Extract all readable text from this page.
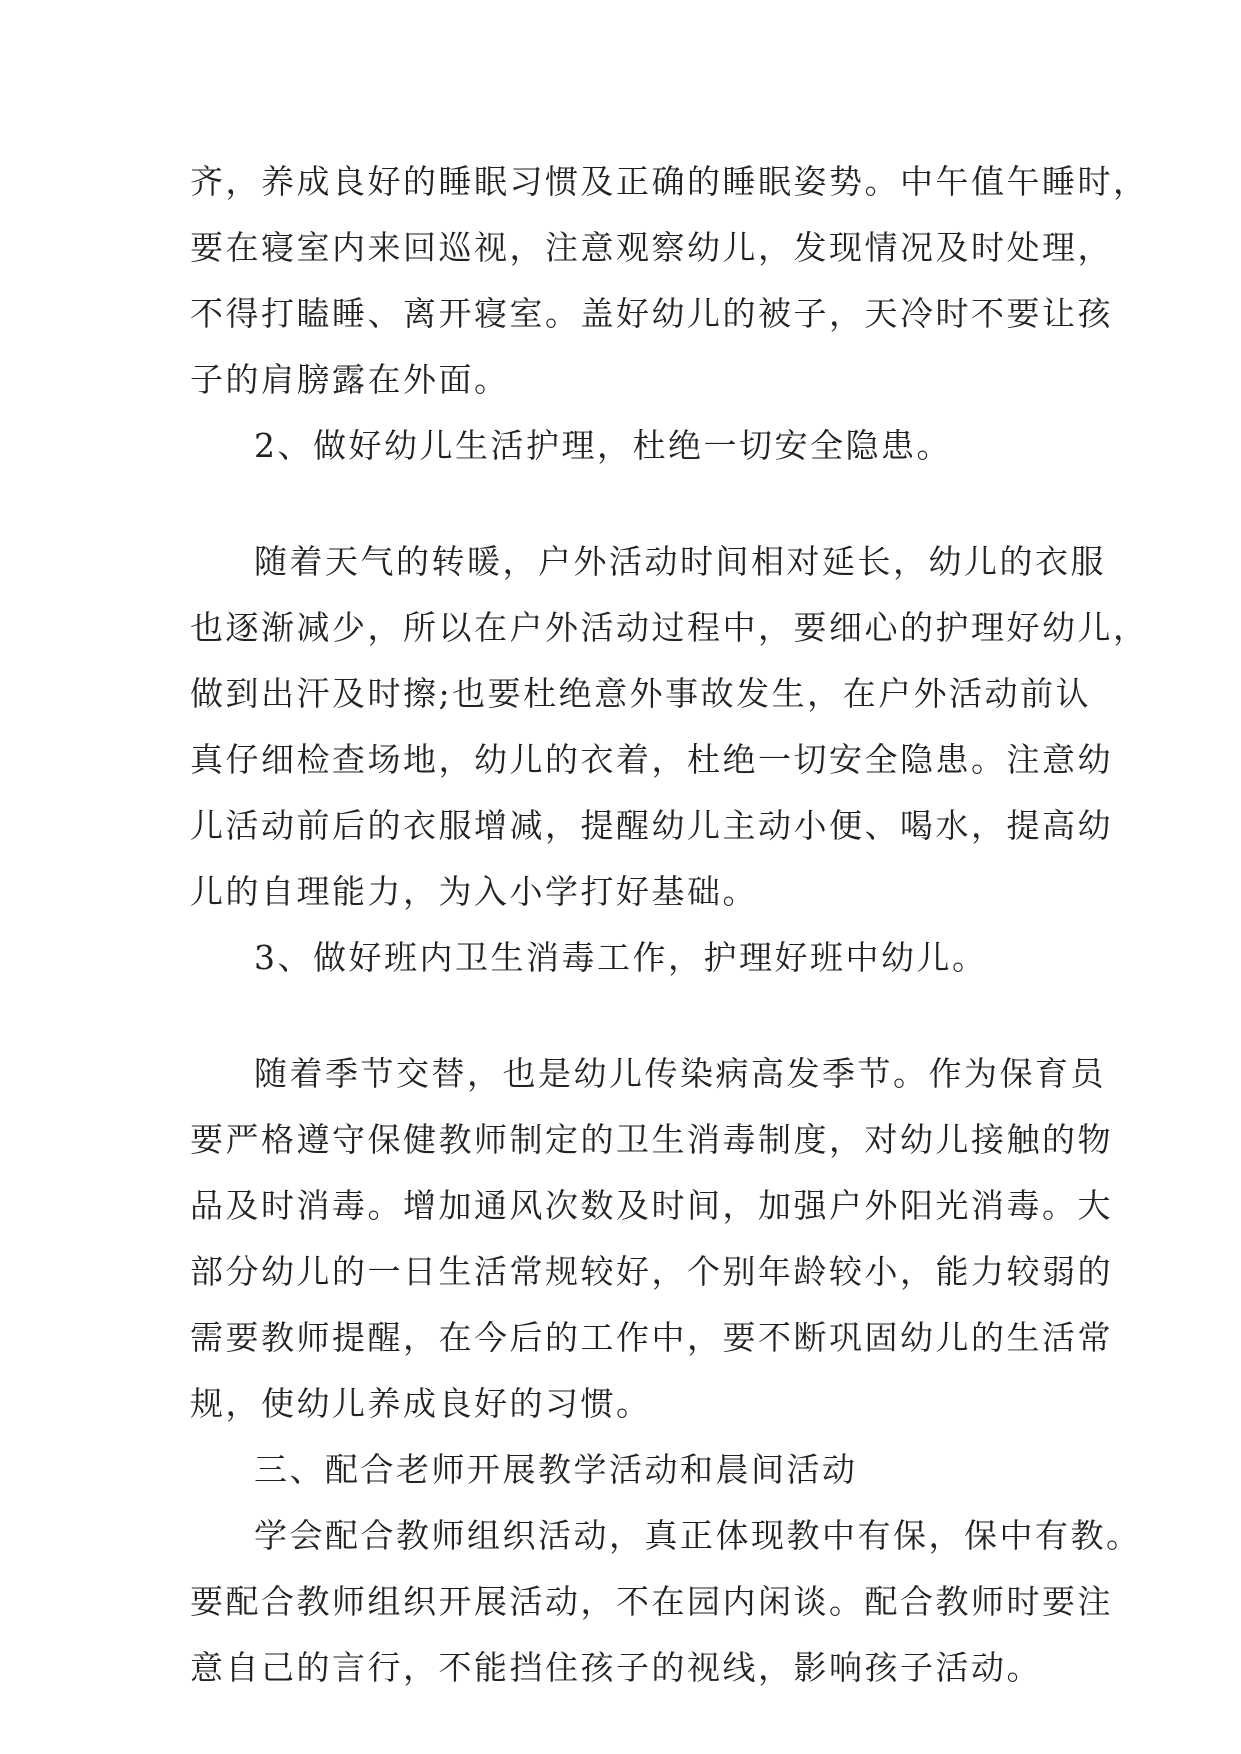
齐，养成良好的睡眠习惯及正确的睡眠姿势。中午值午睡时，
要在寝室内来回巡视，注意观察幼儿，发现情况及时处理，
不得打瞌睡、离开寝室。盖好幼儿的被子，天冷时不要让孩
子的肩膀露在外面。
2、做好幼儿生活护理，杜绝一切安全隐患。
随着天气的转暖，户外活动时间相对延长，幼儿的衣服
也逐渐减少，所以在户外活动过程中，要细心的护理好幼儿，
做到出汗及时擦;也要杜绝意外事故发生，在户外活动前认
真仔细检查场地，幼儿的衣着，杜绝一切安全隐患。注意幼
儿活动前后的衣服增减，提醒幼儿主动小便、喝水，提高幼
儿的自理能力，为入小学打好基础。
3、做好班内卫生消毒工作，护理好班中幼儿。
随着季节交替，也是幼儿传染病高发季节。作为保育员
要严格遵守保健教师制定的卫生消毒制度，对幼儿接触的物
品及时消毒。增加通风次数及时间，加强户外阳光消毒。大
部分幼儿的一日生活常规较好，个别年龄较小，能力较弱的
需要教师提醒，在今后的工作中，要不断巩固幼儿的生活常
规，使幼儿养成良好的习惯。
三、配合老师开展教学活动和晨间活动
学会配合教师组织活动，真正体现教中有保，保中有教。
要配合教师组织开展活动，不在园内闲谈。配合教师时要注
意自己的言行，不能挡住孩子的视线，影响孩子活动。
